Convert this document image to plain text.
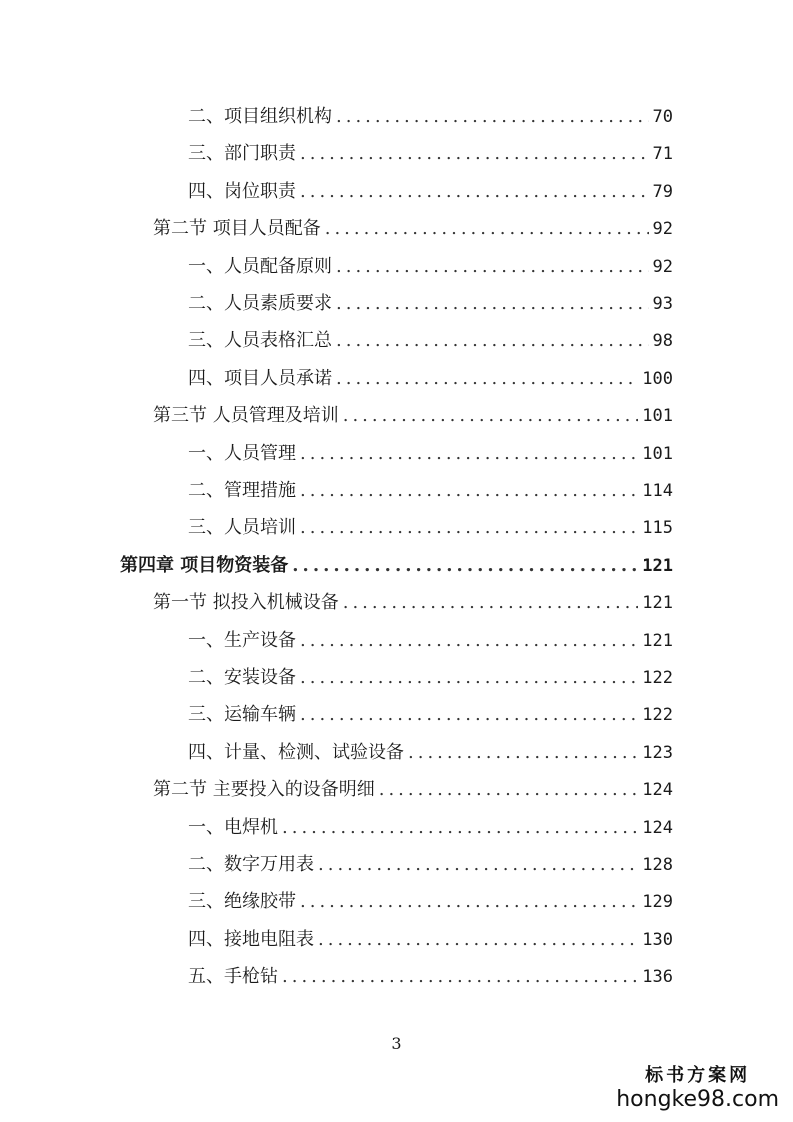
二、项目组织机构 .....	70
三、部门职责 .....	71
四、岗位职责 .....	79
第二节 项目人员配备 .....	92
一、人员配备原则 .....	92
二、人员素质要求 .....	93
三、人员表格汇总 .....	98
四、项目人员承诺 .....	100
第三节 人员管理及培训 .....	101
一、人员管理 .....	101
二、管理措施 .....	114
三、人员培训 .....	115
第四章 项目物资装备 .....	121
第一节 拟投入机械设备 .....	121
一、生产设备 .....	121
二、安装设备 .....	122
三、运输车辆 .....	122
四、计量、检测、试验设备 .....	123
第二节 主要投入的设备明细 .....	124
一、电焊机 .....	124
二、数字万用表 .....	128
三、绝缘胶带 .....	129
四、接地电阻表 .....	130
五、手枪钻 .....	136
3
标书方案网
hongke98.com
